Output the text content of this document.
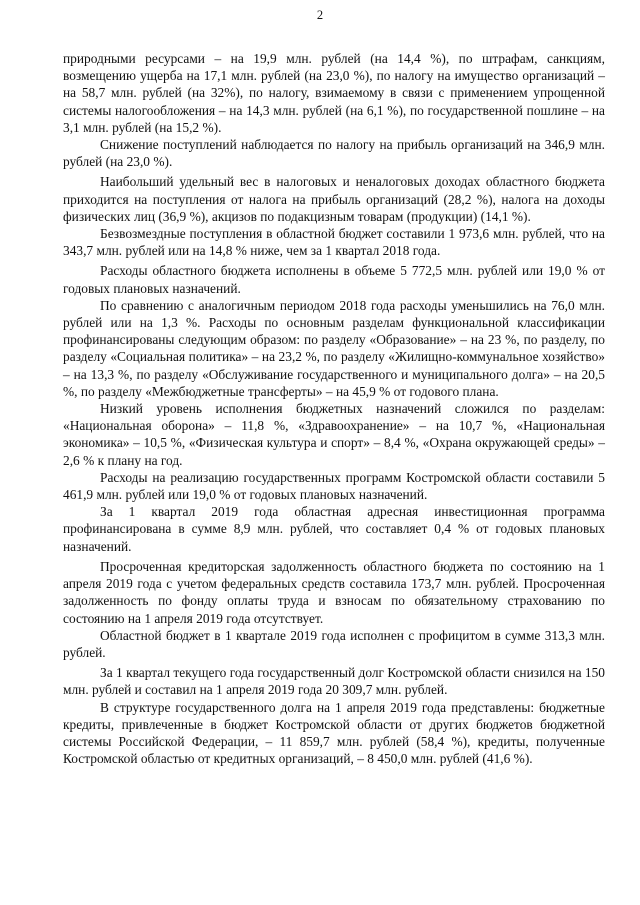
2

природными ресурсами – на 19,9 млн. рублей (на 14,4 %), по штрафам, санкциям, возмещению ущерба на 17,1 млн. рублей (на 23,0 %), по налогу на имущество организаций – на 58,7 млн. рублей (на 32%), по налогу, взимаемому в связи с применением упрощенной системы налогообложения – на 14,3 млн. рублей (на 6,1 %), по государственной пошлине – на 3,1 млн. рублей (на 15,2 %).

Снижение поступлений наблюдается по налогу на прибыль организаций на 346,9 млн. рублей (на 23,0 %).

Наибольший удельный вес в налоговых и неналоговых доходах областного бюджета приходится на поступления от налога на прибыль организаций (28,2 %), налога на доходы физических лиц (36,9 %), акцизов по подакцизным товарам (продукции) (14,1 %).

Безвозмездные поступления в областной бюджет составили 1 973,6 млн. рублей, что на 343,7 млн. рублей или на 14,8 % ниже, чем за 1 квартал 2018 года.

Расходы областного бюджета исполнены в объеме 5 772,5 млн. рублей или 19,0 % от годовых плановых назначений.

По сравнению с аналогичным периодом 2018 года расходы уменьшились на 76,0 млн. рублей или на 1,3 %. Расходы по основным разделам функциональной классификации профинансированы следующим образом: по разделу «Образование» – на 23 %, по разделу, по разделу «Социальная политика» – на 23,2 %, по разделу «Жилищно-коммунальное хозяйство» – на 13,3 %, по разделу «Обслуживание государственного и муниципального долга» – на 20,5 %, по разделу «Межбюджетные трансферты» – на 45,9 % от годового плана.

Низкий уровень исполнения бюджетных назначений сложился по разделам: «Национальная оборона» – 11,8 %, «Здравоохранение» – на 10,7 %, «Национальная экономика» – 10,5 %, «Физическая культура и спорт» – 8,4 %, «Охрана окружающей среды» – 2,6 % к плану на год.

Расходы на реализацию государственных программ Костромской области составили 5 461,9 млн. рублей или 19,0 % от годовых плановых назначений.

За 1 квартал 2019 года областная адресная инвестиционная программа профинансирована в сумме 8,9 млн. рублей, что составляет 0,4 % от годовых плановых назначений.

Просроченная кредиторская задолженность областного бюджета по состоянию на 1 апреля 2019 года с учетом федеральных средств составила 173,7 млн. рублей. Просроченная задолженность по фонду оплаты труда и взносам по обязательному страхованию по состоянию на 1 апреля 2019 года отсутствует.

Областной бюджет в 1 квартале 2019 года исполнен с профицитом в сумме 313,3 млн. рублей.

За 1 квартал текущего года государственный долг Костромской области снизился на 150 млн. рублей и составил на 1 апреля 2019 года 20 309,7 млн. рублей.

В структуре государственного долга на 1 апреля 2019 года представлены: бюджетные кредиты, привлеченные в бюджет Костромской области от других бюджетов бюджетной системы Российской Федерации, – 11 859,7 млн. рублей (58,4 %), кредиты, полученные Костромской областью от кредитных организаций, – 8 450,0 млн. рублей (41,6 %).
